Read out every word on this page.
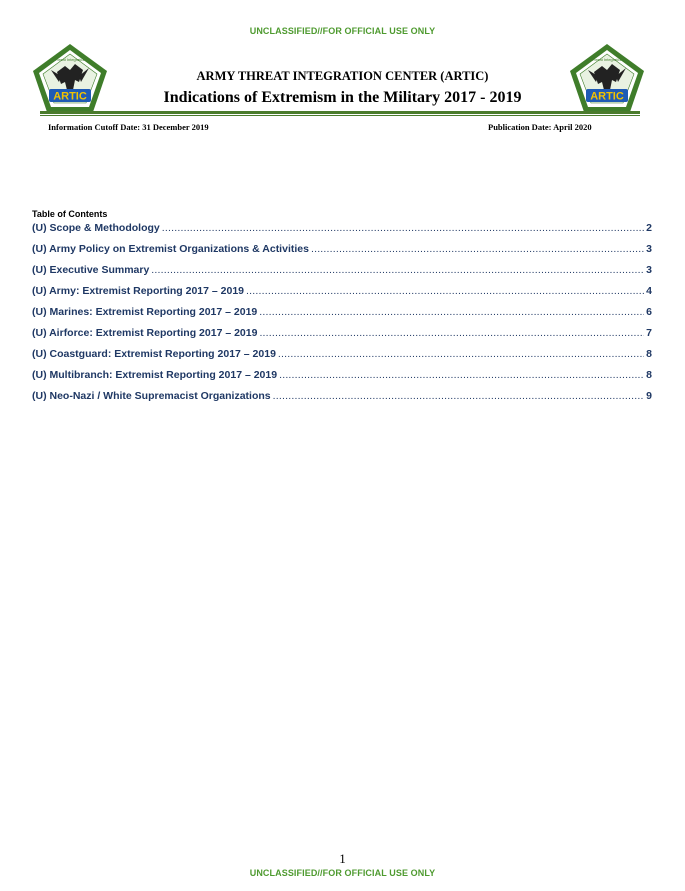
UNCLASSIFIED//FOR OFFICIAL USE ONLY
ARTIC
Threat Integration
ARTIC
Threat Integration
ARMY THREAT INTEGRATION CENTER (ARTIC)
Indications of Extremism in the Military 2017 - 2019
Information Cutoff Date: 31 December 2019	Publication Date: April 2020
Table of Contents
(U) Scope & Methodology .....	2
(U) Army Policy on Extremist Organizations & Activities .....	3
(U) Executive Summary .....	3
(U) Army: Extremist Reporting 2017 – 2019 .....	4
(U) Marines: Extremist Reporting 2017 – 2019 .....	6
(U) Airforce: Extremist Reporting 2017 – 2019 .....	7
(U) Coastguard: Extremist Reporting 2017 – 2019 .....	8
(U) Multibranch: Extremist Reporting 2017 – 2019 .....	8
(U) Neo-Nazi / White Supremacist Organizations .....	9
1
UNCLASSIFIED//FOR OFFICIAL USE ONLY
